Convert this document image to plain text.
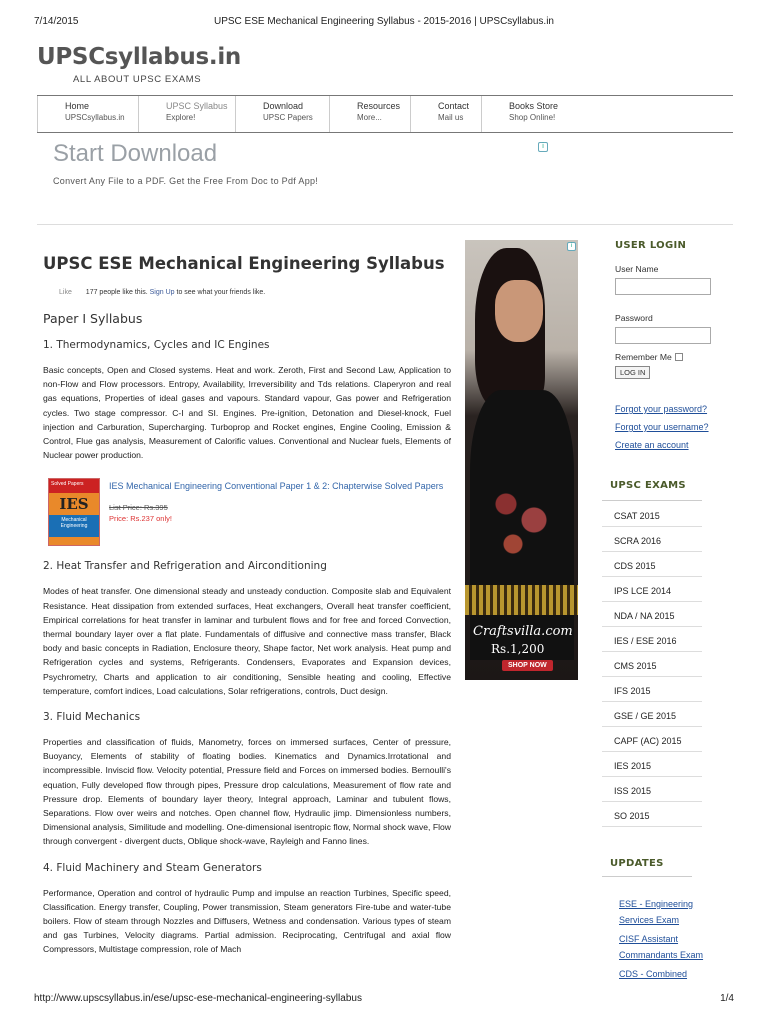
7/14/2015	UPSC ESE Mechanical Engineering Syllabus - 2015-2016 | UPSCsyllabus.in
UPSCsyllabus.in
ALL ABOUT UPSC EXAMS
Home
UPSCsyllabus.in
UPSC Syllabus
Explore!
Download
UPSC Papers
Resources
More...
Contact
Mail us
Books Store
Shop Online!
Start Download
Convert Any File to a PDF. Get the Free From Doc to Pdf App!
i
UPSC ESE Mechanical Engineering Syllabus
Like 177 people like this. Sign Up to see what your friends like.
Paper I Syllabus
1. Thermodynamics, Cycles and IC Engines
Basic concepts, Open and Closed systems. Heat and work. Zeroth, First and Second Law, Application to non-Flow and Flow processors. Entropy, Availability, Irreversibility and Tds relations. Claperyron and real gas equations, Properties of ideal gases and vapours. Standard vapour, Gas power and Refrigeration cycles. Two stage compressor. C-I and SI. Engines. Pre-ignition, Detonation and Diesel-knock, Fuel injection and Carburation, Supercharging. Turboprop and Rocket engines, Engine Cooling, Emission & Control, Flue gas analysis, Measurement of Calorific values. Conventional and Nuclear fuels, Elements of Nuclear power production.
Solved Papers
IES
Mechanical Engineering
IES Mechanical Engineering Conventional Paper 1 & 2: Chapterwise Solved Papers
List Price: Rs.395
Price: Rs.237 only!
2. Heat Transfer and Refrigeration and Airconditioning
Modes of heat transfer. One dimensional steady and unsteady conduction. Composite slab and Equivalent Resistance. Heat dissipation from extended surfaces, Heat exchangers, Overall heat transfer coefficient, Empirical correlations for heat transfer in laminar and turbulent flows and for free and forced Convection, thermal boundary layer over a flat plate. Fundamentals of diffusive and connective mass transfer, Black body and basic concepts in Radiation, Enclosure theory, Shape factor, Net work analysis. Heat pump and Refrigeration cycles and systems, Refrigerants. Condensers, Evaporates and Expansion devices, Psychrometry, Charts and application to air conditioning, Sensible heating and cooling, Effective temperature, comfort indices, Load calculations, Solar refrigerations, controls, Duct design.
3. Fluid Mechanics
Properties and classification of fluids, Manometry, forces on immersed surfaces, Center of pressure, Buoyancy, Elements of stability of floating bodies. Kinematics and Dynamics.Irrotational and incompressible. Inviscid flow. Velocity potential, Pressure field and Forces on immersed bodies. Bernoulli's equation, Fully developed flow through pipes, Pressure drop calculations, Measurement of flow rate and Pressure drop. Elements of boundary layer theory, Integral approach, Laminar and tubulent flows, Separations. Flow over weirs and notches. Open channel flow, Hydraulic jimp. Dimensionless numbers, Dimensional analysis, Similitude and modelling. One-dimensional isentropic flow, Normal shock wave, Flow through convergent - divergent ducts, Oblique shock-wave, Rayleigh and Fanno lines.
4. Fluid Machinery and Steam Generators
Performance, Operation and control of hydraulic Pump and impulse an reaction Turbines, Specific speed, Classification. Energy transfer, Coupling, Power transmission, Steam generators Fire-tube and water-tube boilers. Flow of steam through Nozzles and Diffusers, Wetness and condensation. Various types of steam and gas Turbines, Velocity diagrams. Partial admission. Reciprocating, Centrifugal and axial flow Compressors, Multistage compression, role of Mach
Craftsvilla.com
Rs.1,200
SHOP NOW
i	USER LOGIN
User Name
Password
Remember Me
LOG IN
Forgot your password?
Forgot your username?
Create an account
UPSC EXAMS
CSAT 2015
SCRA 2016
CDS 2015
IPS LCE 2014
NDA / NA 2015
IES / ESE 2016
CMS 2015
IFS 2015
GSE / GE 2015
CAPF (AC) 2015
IES 2015
ISS 2015
SO 2015
UPDATES
ESE - Engineering Services Exam
CISF Assistant Commandants Exam
CDS - Combined
http://www.upscsyllabus.in/ese/upsc-ese-mechanical-engineering-syllabus	1/4
